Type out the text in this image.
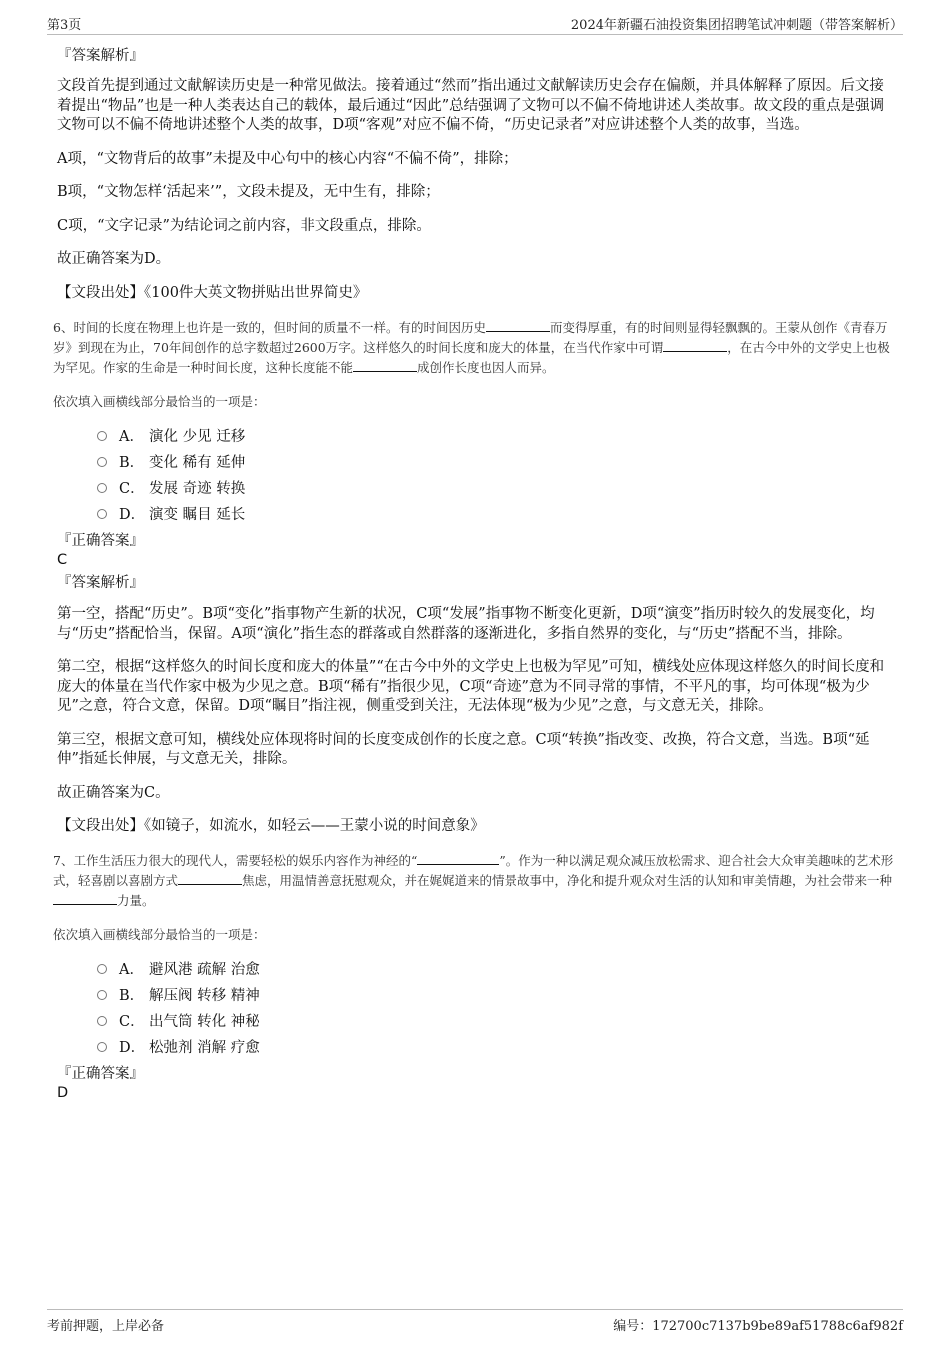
第3页	2024年新疆石油投资集团招聘笔试冲刺题（带答案解析）

『答案解析』

文段首先提到通过文献解读历史是一种常见做法。接着通过“然而”指出通过文献解读历史会存在偏颇，并具体解释了原因。后文接着提出“物品”也是一种人类表达自己的载体，最后通过“因此”总结强调了文物可以不偏不倚地讲述人类故事。故文段的重点是强调文物可以不偏不倚地讲述整个人类的故事，D项“客观”对应不偏不倚，“历史记录者”对应讲述整个人类的故事，当选。

A项，“文物背后的故事”未提及中心句中的核心内容“不偏不倚”，排除；

B项，“文物怎样‘活起来’”，文段未提及，无中生有，排除；

C项，“文字记录”为结论词之前内容，非文段重点，排除。

故正确答案为D。

【文段出处】《100件大英文物拼贴出世界简史》

6、时间的长度在物理上也许是一致的，但时间的质量不一样。有的时间因历史	而变得厚重，有的时间则显得轻飘飘的。王蒙从创作《青春万岁》到现在为止，70年间创作的总字数超过2600万字。这样悠久的时间长度和庞大的体量，在当代作家中可谓	，在古今中外的文学史上也极为罕见。作家的生命是一种时间长度，这种长度能不能	成创作长度也因人而异。

依次填入画横线部分最恰当的一项是：

A． 演化 少见 迁移
B． 变化 稀有 延伸
C． 发展 奇迹 转换
D． 演变 瞩目 延长

『正确答案』

C

『答案解析』

第一空，搭配“历史”。B项“变化”指事物产生新的状况，C项“发展”指事物不断变化更新，D项“演变”指历时较久的发展变化，均与“历史”搭配恰当，保留。A项“演化”指生态的群落或自然群落的逐渐进化，多指自然界的变化，与“历史”搭配不当，排除。

第二空，根据“这样悠久的时间长度和庞大的体量”“在古今中外的文学史上也极为罕见”可知，横线处应体现这样悠久的时间长度和庞大的体量在当代作家中极为少见之意。B项“稀有”指很少见，C项“奇迹”意为不同寻常的事情，不平凡的事，均可体现“极为少见”之意，符合文意，保留。D项“瞩目”指注视，侧重受到关注，无法体现“极为少见”之意，与文意无关，排除。

第三空，根据文意可知，横线处应体现将时间的长度变成创作的长度之意。C项“转换”指改变、改换，符合文意，当选。B项“延伸”指延长伸展，与文意无关，排除。

故正确答案为C。

【文段出处】《如镜子，如流水，如轻云——王蒙小说的时间意象》

7、工作生活压力很大的现代人，需要轻松的娱乐内容作为神经的“	”。作为一种以满足观众减压放松需求、迎合社会大众审美趣味的艺术形式，轻喜剧以喜剧方式	焦虑，用温情善意抚慰观众，并在娓娓道来的情景故事中，净化和提升观众对生活的认知和审美情趣，为社会带来一种力量。

依次填入画横线部分最恰当的一项是：

A． 避风港 疏解 治愈
B． 解压阀 转移 精神
C． 出气筒 转化 神秘
D． 松弛剂 消解 疗愈

『正确答案』

D

考前押题，上岸必备	编号：172700c7137b9be89af51788c6af982f
